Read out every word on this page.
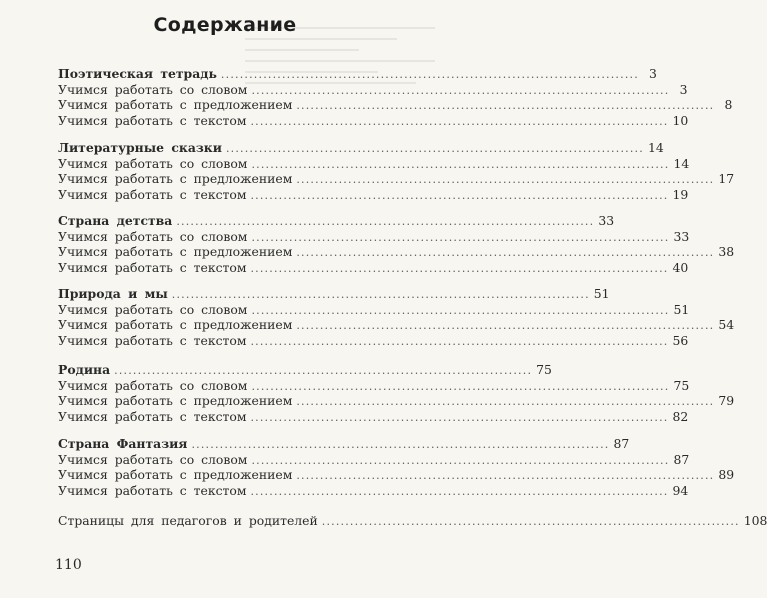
Содержание
Поэтическая тетрадь ......................................................................................... 3
Учимся работать со словом ......................................................................................... 3
Учимся работать с предложением ......................................................................................... 8
Учимся работать с текстом ......................................................................................... 10
Литературные сказки ......................................................................................... 14
Учимся работать со словом ......................................................................................... 14
Учимся работать с предложением ......................................................................................... 17
Учимся работать с текстом ......................................................................................... 19
Страна детства ......................................................................................... 33
Учимся работать со словом ......................................................................................... 33
Учимся работать с предложением ......................................................................................... 38
Учимся работать с текстом ......................................................................................... 40
Природа и мы ......................................................................................... 51
Учимся работать со словом ......................................................................................... 51
Учимся работать с предложением ......................................................................................... 54
Учимся работать с текстом ......................................................................................... 56
Родина ......................................................................................... 75
Учимся работать со словом ......................................................................................... 75
Учимся работать с предложением ......................................................................................... 79
Учимся работать с текстом ......................................................................................... 82
Страна Фантазия ......................................................................................... 87
Учимся работать со словом ......................................................................................... 87
Учимся работать с предложением ......................................................................................... 89
Учимся работать с текстом ......................................................................................... 94
Страницы для педагогов и родителей ......................................................................................... 108
110
